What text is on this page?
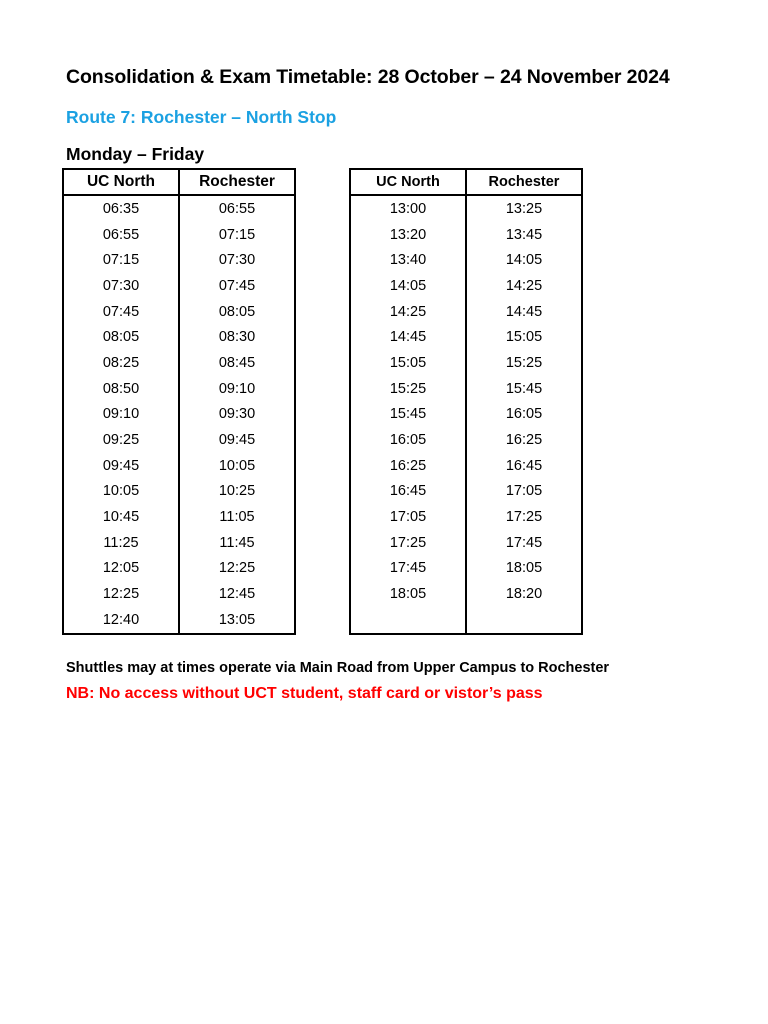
Consolidation & Exam Timetable: 28 October – 24 November 2024
Route 7: Rochester – North Stop
Monday – Friday
UC North	Rochester
06:35	06:55
06:55	07:15
07:15	07:30
07:30	07:45
07:45	08:05
08:05	08:30
08:25	08:45
08:50	09:10
09:10	09:30
09:25	09:45
09:45	10:05
10:05	10:25
10:45	11:05
11:25	11:45
12:05	12:25
12:25	12:45
12:40	13:05
UC North	Rochester
13:00	13:25
13:20	13:45
13:40	14:05
14:05	14:25
14:25	14:45
14:45	15:05
15:05	15:25
15:25	15:45
15:45	16:05
16:05	16:25
16:25	16:45
16:45	17:05
17:05	17:25
17:25	17:45
17:45	18:05
18:05	18:20

Shuttles may at times operate via Main Road from Upper Campus to Rochester
NB: No access without UCT student, staff card or vistor’s pass
